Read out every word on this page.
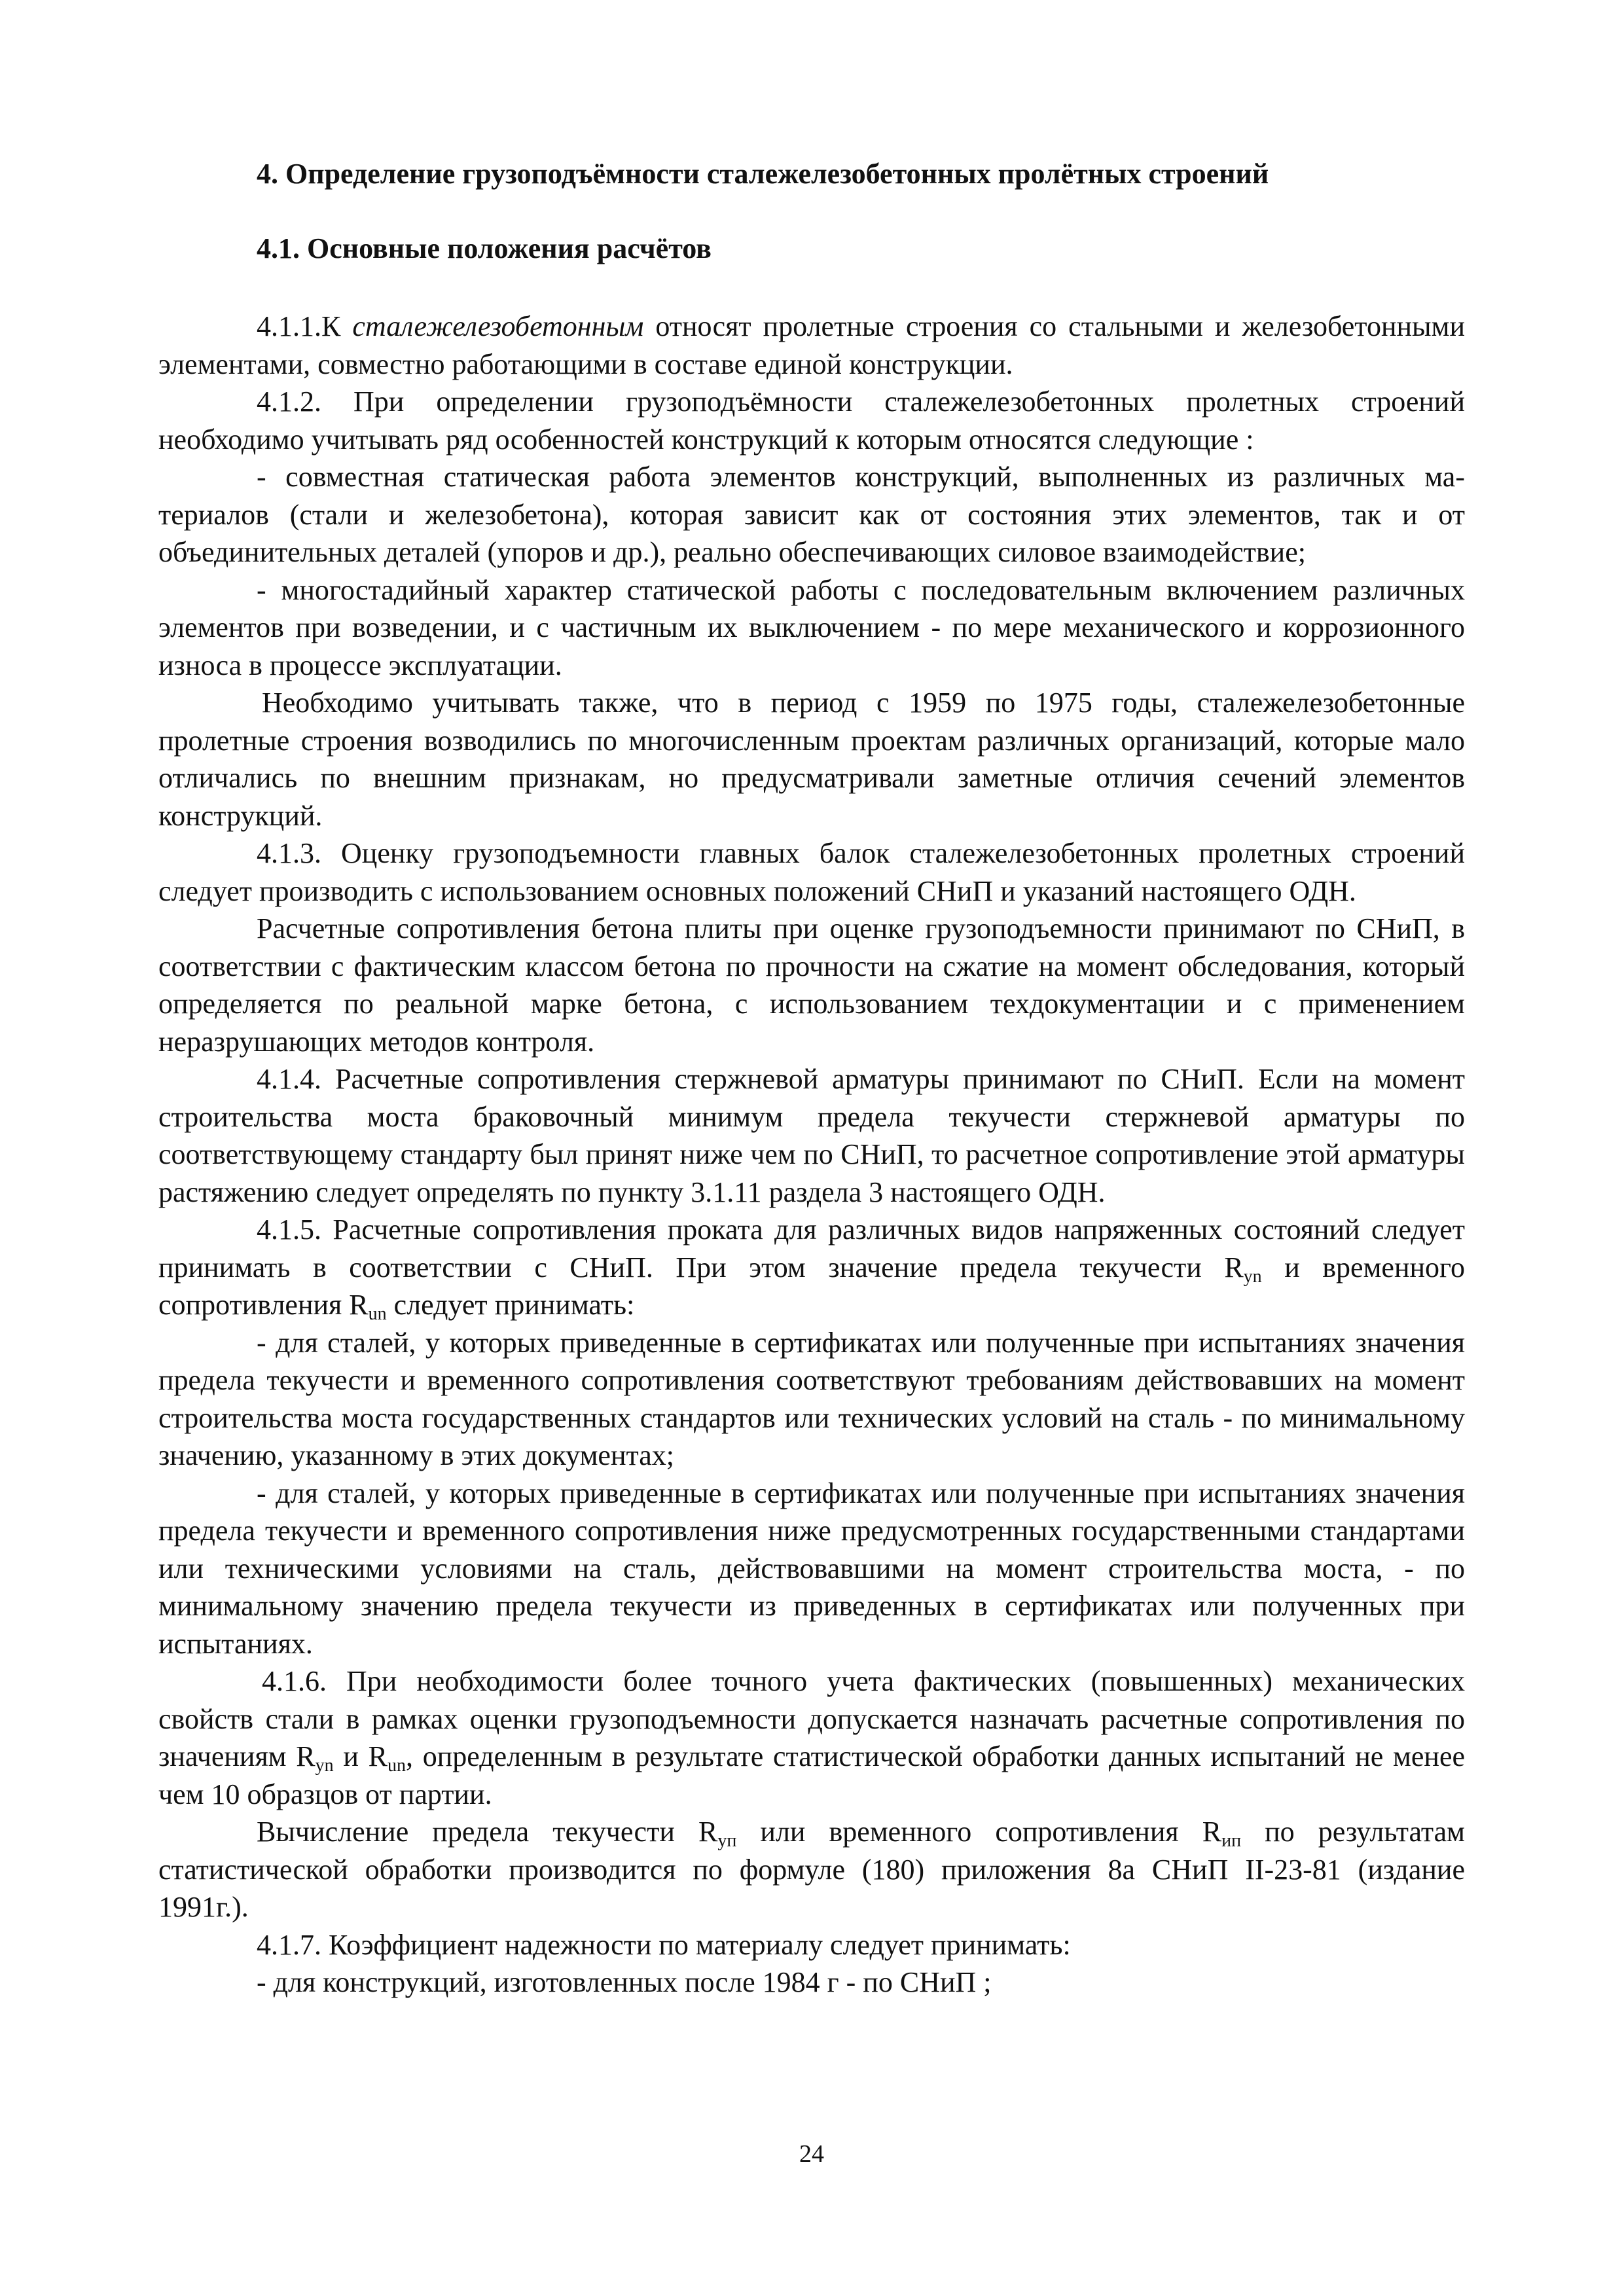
4. Определение грузоподъёмности сталежелезобетонных пролётных строений
4.1. Основные положения расчётов

4.1.1.К сталежелезобетонным относят пролетные строения со стальными и железобетонными элементами, совместно работающими в составе единой конструкции.

4.1.2. При определении грузоподъёмности сталежелезобетонных пролетных строений необходимо учитывать ряд особенностей конструкций к которым относятся следующие :

- совместная статическая работа элементов конструкций, выполненных из различных ма-териалов (стали и железобетона), которая зависит как от состояния этих элементов, так и от объединительных деталей (упоров и др.), реально обеспечивающих силовое взаимодействие;

- многостадийный характер статической работы с последовательным включением различных элементов при возведении, и с частичным их выключением - по мере механического и коррозионного износа в процессе эксплуатации.

Необходимо учитывать также, что в период с 1959 по 1975 годы, сталежелезобетонные пролетные строения возводились по многочисленным проектам различных организаций, которые мало отличались по внешним признакам, но предусматривали заметные отличия сечений элементов конструкций.

4.1.3. Оценку грузоподъемности главных балок сталежелезобетонных пролетных строений следует производить с использованием основных положений СНиП и указаний настоящего ОДН.

Расчетные сопротивления бетона плиты при оценке грузоподъемности принимают по СНиП, в соответствии с фактическим классом бетона по прочности на сжатие на момент обследования, который определяется по реальной марке бетона, с использованием техдокументации и с применением неразрушающих методов контроля.

4.1.4. Расчетные сопротивления стержневой арматуры принимают по СНиП. Если на момент строительства моста браковочный минимум предела текучести стержневой арматуры по соответствующему стандарту был принят ниже чем по СНиП, то расчетное сопротивление этой арматуры растяжению следует определять по пункту 3.1.11 раздела 3 настоящего ОДН.

4.1.5. Расчетные сопротивления проката для различных видов напряженных состояний следует принимать в соответствии с СНиП. При этом значение предела текучести $R_{yn}$ и временного сопротивления $R_{un}$ следует принимать:

- для сталей, у которых приведенные в сертификатах или полученные при испытаниях значения предела текучести и временного сопротивления соответствуют требованиям действовавших на момент строительства моста государственных стандартов или технических условий на сталь - по минимальному значению, указанному в этих документах;

- для сталей, у которых приведенные в сертификатах или полученные при испытаниях значения предела текучести и временного сопротивления ниже предусмотренных государственными стандартами или техническими условиями на сталь, действовавшими на момент строительства моста, - по минимальному значению предела текучести из приведенных в сертификатах или полученных при испытаниях.

4.1.6. При необходимости более точного учета фактических (повышенных) механических свойств стали в рамках оценки грузоподъемности допускается назначать расчетные сопротивления по значениям $R_{yn}$ и $R_{un}$, определенным в результате статистической обработки данных испытаний не менее чем 10 образцов от партии.

Вычисление предела текучести $R_{уп}$ или временного сопротивления $R_{ип}$ по результатам статистической обработки производится по формуле (180) приложения 8а СНиП II-23-81 (издание 1991г.).

4.1.7. Коэффициент надежности по материалу следует принимать:

- для конструкций, изготовленных после 1984 г - по СНиП ;

24
